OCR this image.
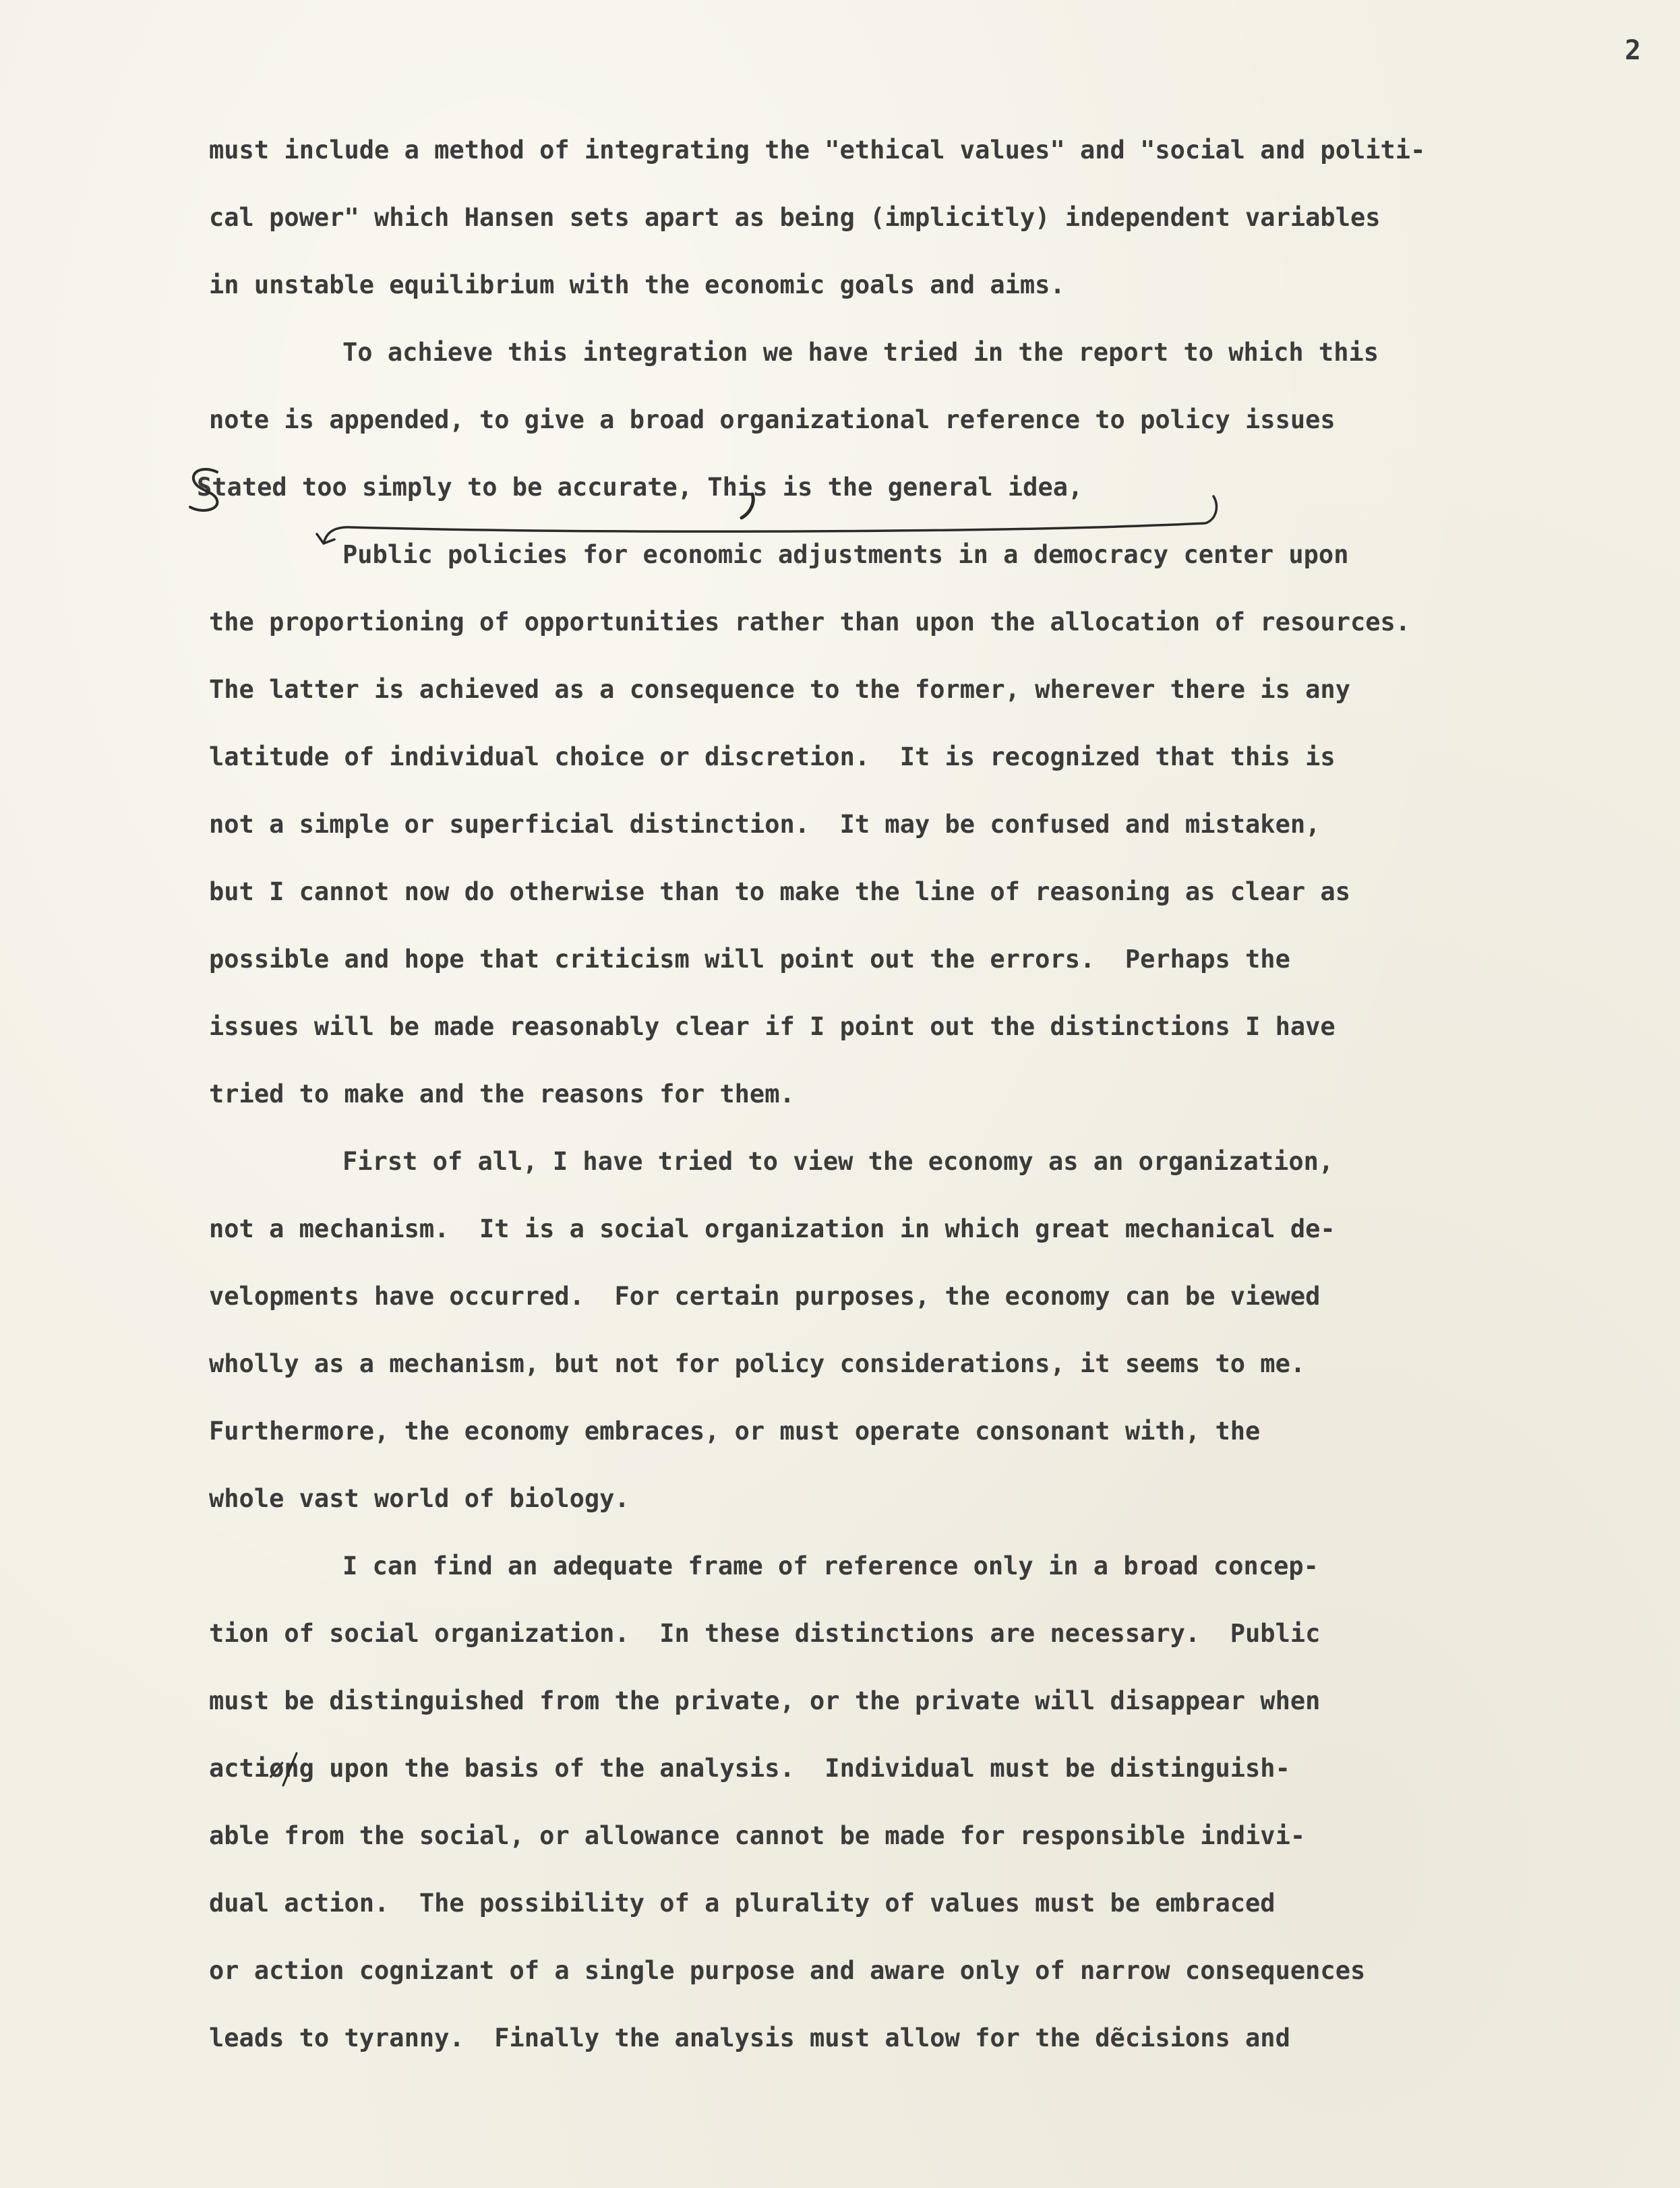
2
must include a method of integrating the "ethical values" and "social and politi-
cal power" which Hansen sets apart as being (implicitly) independent variables
in unstable equilibrium with the economic goals and aims.
To achieve this integration we have tried in the report to which this
note is appended, to give a broad organizational reference to policy issues
Stated too simply to be accurate, This is the general idea,
Public policies for economic adjustments in a democracy center upon
the proportioning of opportunities rather than upon the allocation of resources.
The latter is achieved as a consequence to the former, wherever there is any
latitude of individual choice or discretion.  It is recognized that this is
not a simple or superficial distinction.  It may be confused and mistaken,
but I cannot now do otherwise than to make the line of reasoning as clear as
possible and hope that criticism will point out the errors.  Perhaps the
issues will be made reasonably clear if I point out the distinctions I have
tried to make and the reasons for them.
First of all, I have tried to view the economy as an organization,
not a mechanism.  It is a social organization in which great mechanical de-
velopments have occurred.  For certain purposes, the economy can be viewed
wholly as a mechanism, but not for policy considerations, it seems to me.
Furthermore, the economy embraces, or must operate consonant with, the
whole vast world of biology.
I can find an adequate frame of reference only in a broad concep-
tion of social organization.  In these distinctions are necessary.  Public
must be distinguished from the private, or the private will disappear when
actiøng upon the basis of the analysis.  Individual must be distinguish-
able from the social, or allowance cannot be made for responsible indivi-
dual action.  The possibility of a plurality of values must be embraced
or action cognizant of a single purpose and aware only of narrow consequences
leads to tyranny.  Finally the analysis must allow for the dẽcisions and
